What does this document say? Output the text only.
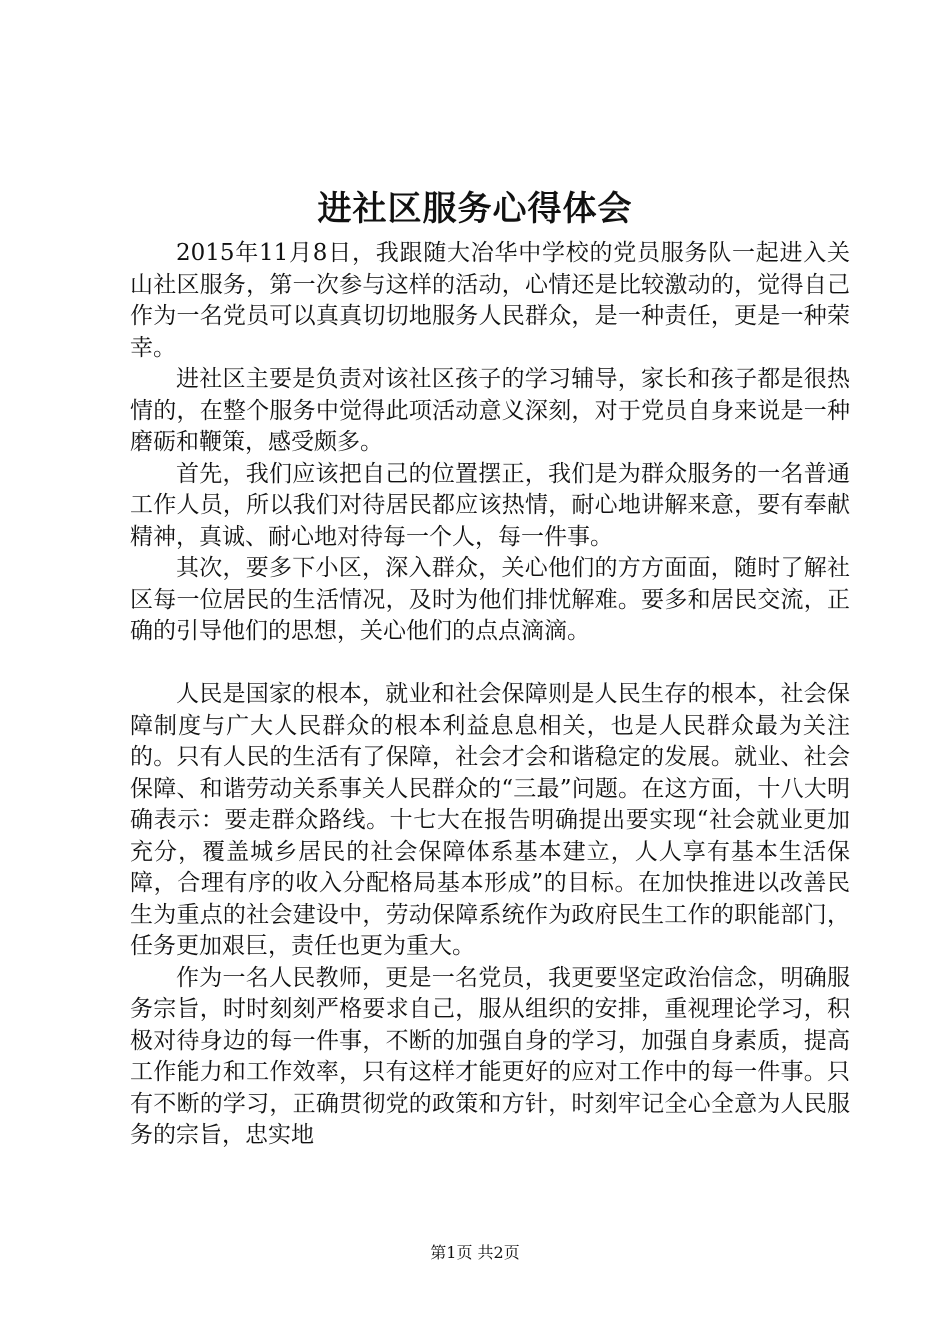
进社区服务心得体会

2015年11月8日，我跟随大冶华中学校的党员服务队一起进入关山社区服务，第一次参与这样的活动，心情还是比较激动的，觉得自己作为一名党员可以真真切切地服务人民群众，是一种责任，更是一种荣幸。

进社区主要是负责对该社区孩子的学习辅导，家长和孩子都是很热情的，在整个服务中觉得此项活动意义深刻，对于党员自身来说是一种磨砺和鞭策，感受颇多。

首先，我们应该把自己的位置摆正，我们是为群众服务的一名普通工作人员，所以我们对待居民都应该热情，耐心地讲解来意，要有奉献精神，真诚、耐心地对待每一个人，每一件事。

其次，要多下小区，深入群众，关心他们的方方面面，随时了解社区每一位居民的生活情况，及时为他们排忧解难。要多和居民交流，正确的引导他们的思想，关心他们的点点滴滴。

人民是国家的根本，就业和社会保障则是人民生存的根本，社会保障制度与广大人民群众的根本利益息息相关，也是人民群众最为关注的。只有人民的生活有了保障，社会才会和谐稳定的发展。就业、社会保障、和谐劳动关系事关人民群众的“三最”问题。在这方面，十八大明确表示：要走群众路线。十七大在报告明确提出要实现“社会就业更加充分，覆盖城乡居民的社会保障体系基本建立，人人享有基本生活保障，合理有序的收入分配格局基本形成”的目标。在加快推进以改善民生为重点的社会建设中，劳动保障系统作为政府民生工作的职能部门，任务更加艰巨，责任也更为重大。

作为一名人民教师，更是一名党员，我更要坚定政治信念，明确服务宗旨，时时刻刻严格要求自己，服从组织的安排，重视理论学习，积极对待身边的每一件事，不断的加强自身的学习，加强自身素质，提高工作能力和工作效率，只有这样才能更好的应对工作中的每一件事。只有不断的学习，正确贯彻党的政策和方针，时刻牢记全心全意为人民服务的宗旨，忠实地

第1页 共2页
